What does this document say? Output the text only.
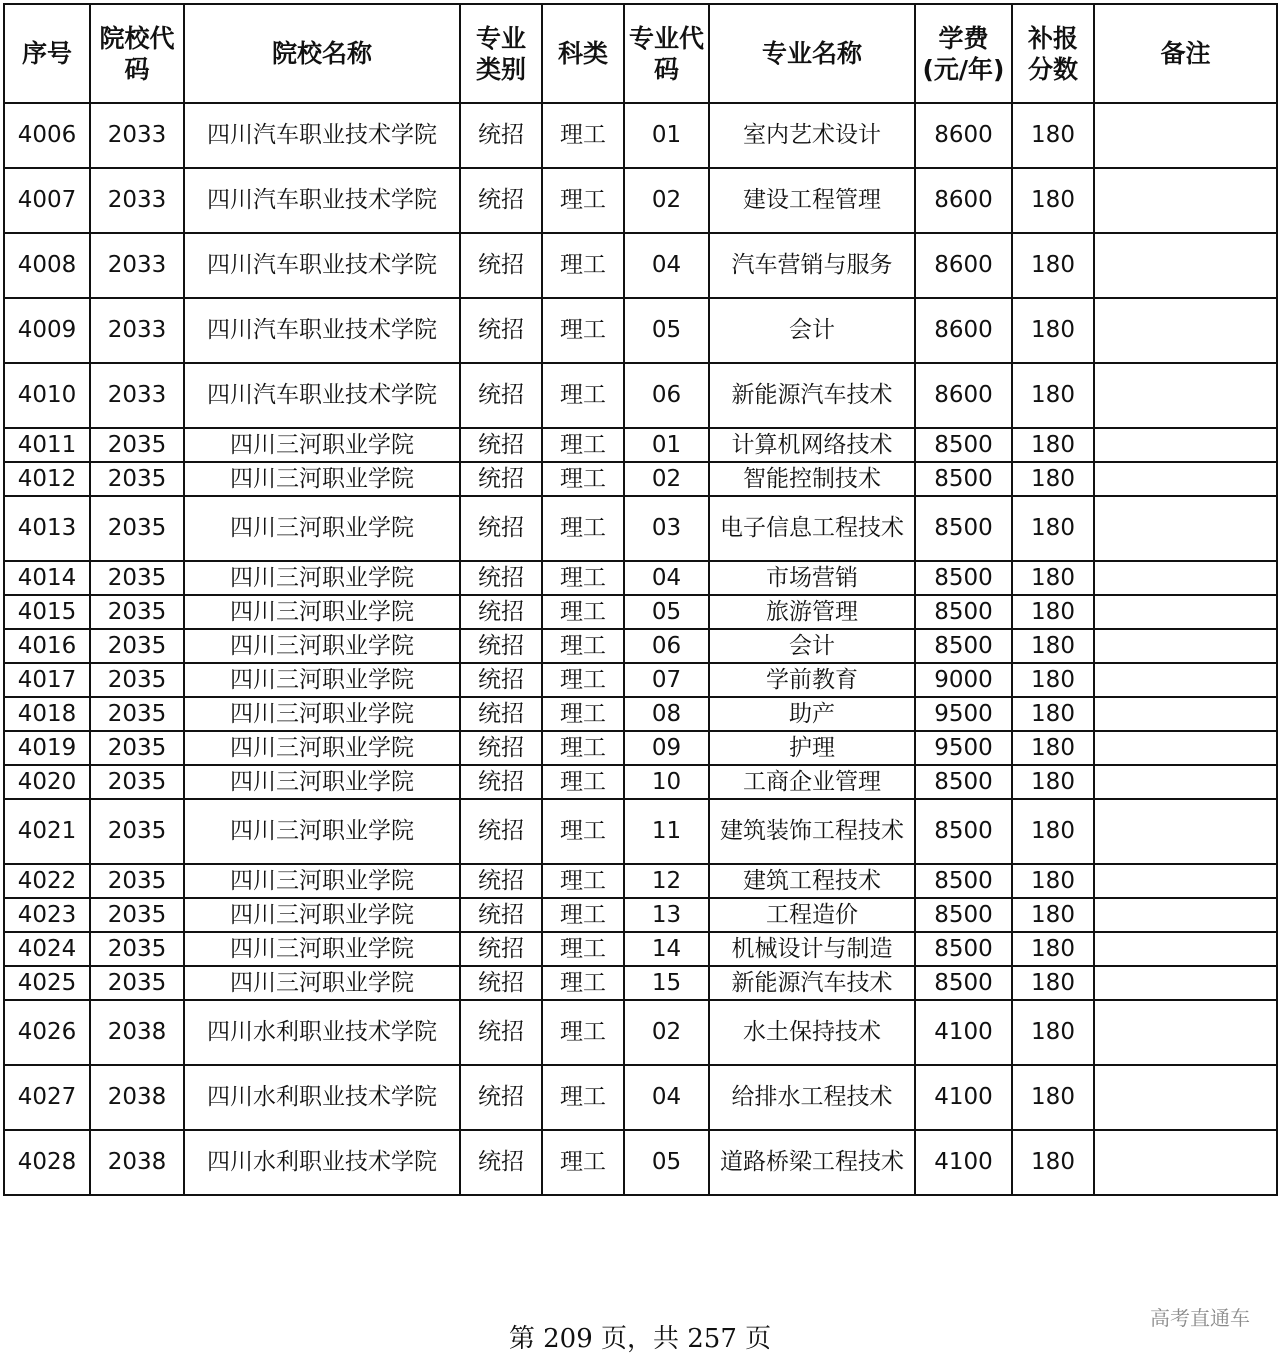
序号	院校代码	院校名称	专业类别	科类	专业代码	专业名称	学费(元/年)	补报分数	备注
4006	2033	四川汽车职业技术学院	统招	理工	01	室内艺术设计	8600	180	
4007	2033	四川汽车职业技术学院	统招	理工	02	建设工程管理	8600	180	
4008	2033	四川汽车职业技术学院	统招	理工	04	汽车营销与服务	8600	180	
4009	2033	四川汽车职业技术学院	统招	理工	05	会计	8600	180	
4010	2033	四川汽车职业技术学院	统招	理工	06	新能源汽车技术	8600	180	
4011	2035	四川三河职业学院	统招	理工	01	计算机网络技术	8500	180	
4012	2035	四川三河职业学院	统招	理工	02	智能控制技术	8500	180	
4013	2035	四川三河职业学院	统招	理工	03	电子信息工程技术	8500	180	
4014	2035	四川三河职业学院	统招	理工	04	市场营销	8500	180	
4015	2035	四川三河职业学院	统招	理工	05	旅游管理	8500	180	
4016	2035	四川三河职业学院	统招	理工	06	会计	8500	180	
4017	2035	四川三河职业学院	统招	理工	07	学前教育	9000	180	
4018	2035	四川三河职业学院	统招	理工	08	助产	9500	180	
4019	2035	四川三河职业学院	统招	理工	09	护理	9500	180	
4020	2035	四川三河职业学院	统招	理工	10	工商企业管理	8500	180	
4021	2035	四川三河职业学院	统招	理工	11	建筑装饰工程技术	8500	180	
4022	2035	四川三河职业学院	统招	理工	12	建筑工程技术	8500	180	
4023	2035	四川三河职业学院	统招	理工	13	工程造价	8500	180	
4024	2035	四川三河职业学院	统招	理工	14	机械设计与制造	8500	180	
4025	2035	四川三河职业学院	统招	理工	15	新能源汽车技术	8500	180	
4026	2038	四川水利职业技术学院	统招	理工	02	水土保持技术	4100	180	
4027	2038	四川水利职业技术学院	统招	理工	04	给排水工程技术	4100	180	
4028	2038	四川水利职业技术学院	统招	理工	05	道路桥梁工程技术	4100	180	
第 209 页，共 257 页
高考直通车
